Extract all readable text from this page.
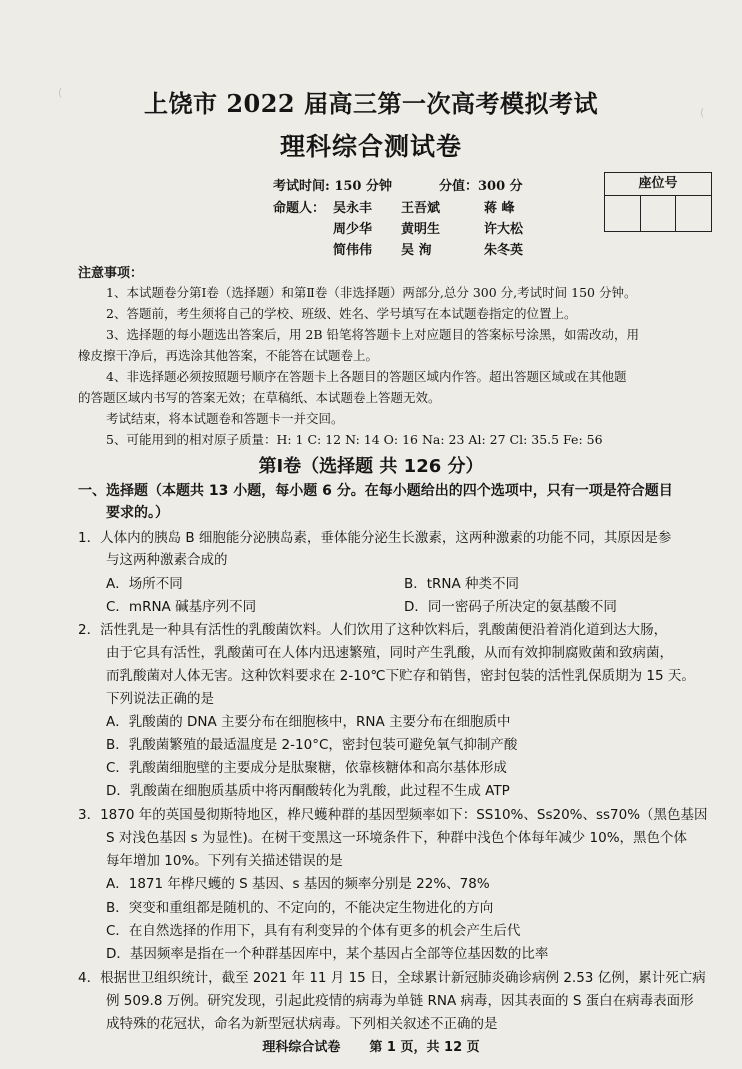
(
(
上饶市 2022 届高三第一次高考模拟考试
理科综合测试卷
考试时间: 150 分钟	分值：300 分
命题人： 吴永丰 王吾斌	蒋 峰
周少华 黄明生	许大松
简伟伟 吴 洵	朱冬英
座位号
注意事项：
1、本试题卷分第Ⅰ卷（选择题）和第Ⅱ卷（非选择题）两部分,总分 300 分,考试时间 150 分钟。
2、答题前，考生须将自己的学校、班级、姓名、学号填写在本试题卷指定的位置上。
3、选择题的每小题选出答案后，用 2B 铅笔将答题卡上对应题目的答案标号涂黑，如需改动，用
橡皮擦干净后，再选涂其他答案，不能答在试题卷上。
4、非选择题必须按照题号顺序在答题卡上各题目的答题区域内作答。超出答题区域或在其他题
的答题区域内书写的答案无效；在草稿纸、本试题卷上答题无效。
考试结束，将本试题卷和答题卡一并交回。
5、可能用到的相对原子质量：H: 1 C: 12 N: 14 O: 16 Na: 23 Al: 27 Cl: 35.5 Fe: 56
第Ⅰ卷（选择题 共 126 分）
一、选择题（本题共 13 小题，每小题 6 分。在每小题给出的四个选项中，只有一项是符合题目
要求的。）
1．人体内的胰岛 B 细胞能分泌胰岛素，垂体能分泌生长激素，这两种激素的功能不同，其原因是参
与这两种激素合成的
A．场所不同	B．tRNA 种类不同
C．mRNA 碱基序列不同	D．同一密码子所决定的氨基酸不同
2．活性乳是一种具有活性的乳酸菌饮料。人们饮用了这种饮料后，乳酸菌便沿着消化道到达大肠，
由于它具有活性，乳酸菌可在人体内迅速繁殖，同时产生乳酸，从而有效抑制腐败菌和致病菌，
而乳酸菌对人体无害。这种饮料要求在 2-10℃下贮存和销售，密封包装的活性乳保质期为 15 天。
下列说法正确的是
A．乳酸菌的 DNA 主要分布在细胞核中，RNA 主要分布在细胞质中
B．乳酸菌繁殖的最适温度是 2-10°C，密封包装可避免氧气抑制产酸
C．乳酸菌细胞壁的主要成分是肽聚糖，依靠核糖体和高尔基体形成
D．乳酸菌在细胞质基质中将丙酮酸转化为乳酸，此过程不生成 ATP
3．1870 年的英国曼彻斯特地区，桦尺蠖种群的基因型频率如下：SS10%、Ss20%、ss70%（黑色基因
S 对浅色基因 s 为显性)。在树干变黑这一环境条件下，种群中浅色个体每年减少 10%，黑色个体
每年增加 10%。下列有关描述错误的是
A．1871 年桦尺蠖的 S 基因、s 基因的频率分别是 22%、78%
B．突变和重组都是随机的、不定向的，不能决定生物进化的方向
C．在自然选择的作用下，具有有利变异的个体有更多的机会产生后代
D．基因频率是指在一个种群基因库中，某个基因占全部等位基因数的比率
4．根据世卫组织统计，截至 2021 年 11 月 15 日，全球累计新冠肺炎确诊病例 2.53 亿例，累计死亡病
例 509.8 万例。研究发现，引起此疫情的病毒为单链 RNA 病毒，因其表面的 S 蛋白在病毒表面形
成特殊的花冠状，命名为新型冠状病毒。下列相关叙述不正确的是
理科综合试卷 第 1 页，共 12 页
